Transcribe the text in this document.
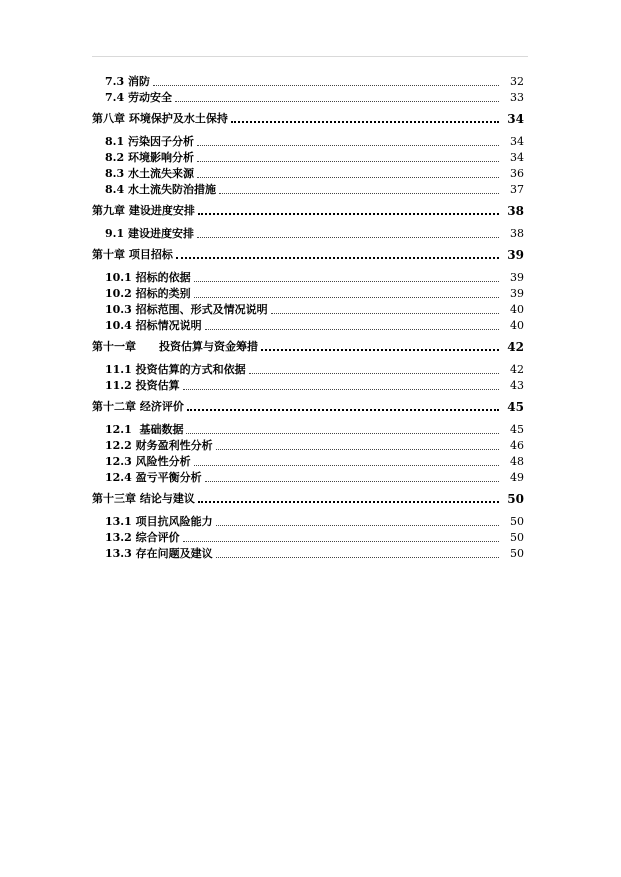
7.3 消防	32
7.4 劳动安全	33
第八章 环境保护及水土保持	34
8.1 污染因子分析	34
8.2 环境影响分析	34
8.3 水土流失来源	36
8.4 水土流失防治措施	37
第九章 建设进度安排	38
9.1 建设进度安排	38
第十章 项目招标	39
10.1 招标的依据	39
10.2 招标的类别	39
10.3 招标范围、形式及情况说明	40
10.4 招标情况说明	40
第十一章      投资估算与资金筹措	42
11.1 投资估算的方式和依据	42
11.2 投资估算	43
第十二章 经济评价	45
12.1  基础数据	45
12.2 财务盈利性分析	46
12.3 风险性分析	48
12.4 盈亏平衡分析	49
第十三章 结论与建议	50
13.1 项目抗风险能力	50
13.2 综合评价	50
13.3 存在问题及建议	50
